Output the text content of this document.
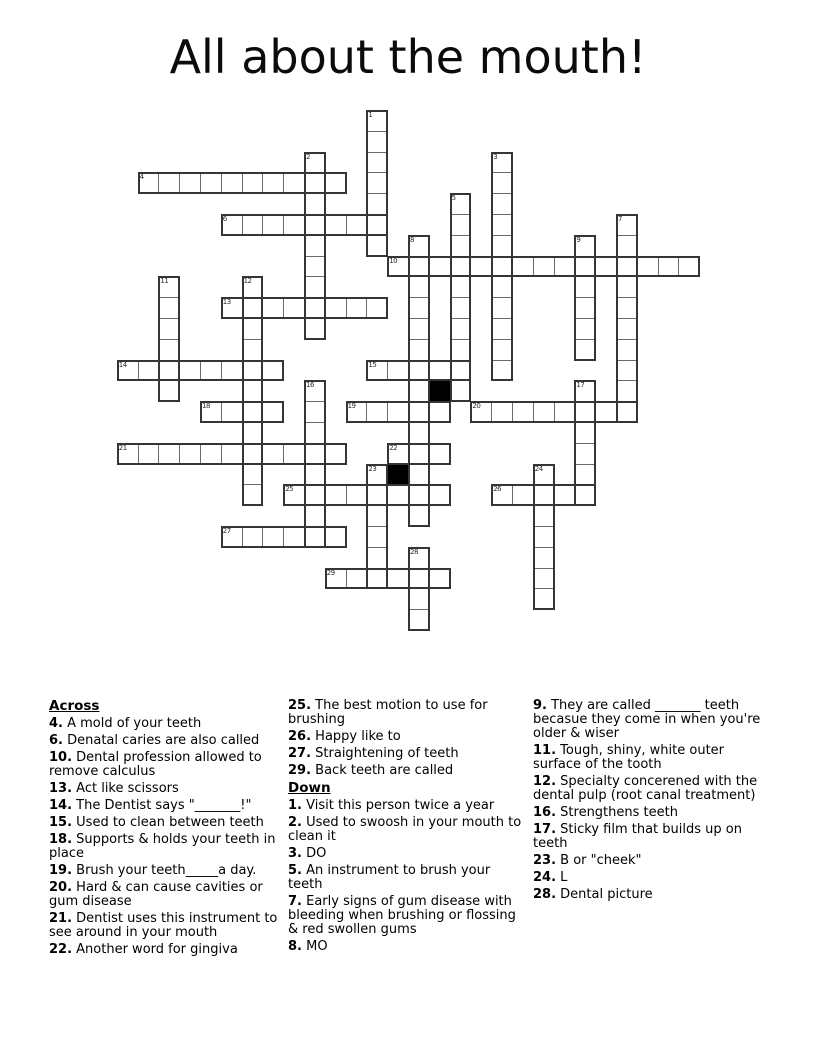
All about the mouth!
1
2	3
4
5
6	7
8	9
10
11	12
13
14	15
16	17
18	19	20
21	22
23	24
25	26
27
28
29
Across
4. A mold of your teeth
6. Denatal caries are also called
10. Dental profession allowed to remove calculus
13. Act like scissors
14. The Dentist says "_______!"
15. Used to clean between teeth
18. Supports & holds your teeth in place
19. Brush your teeth_____a day.
20. Hard & can cause cavities or gum disease
21. Dentist uses this instrument to see around in your mouth
22. Another word for gingiva
25. The best motion to use for brushing
26. Happy like to
27. Straightening of teeth
29. Back teeth are called
Down
1. Visit this person twice a year
2. Used to swoosh in your mouth to clean it
3. DO
5. An instrument to brush your teeth
7. Early signs of gum disease with bleeding when brushing or flossing & red swollen gums
8. MO
9. They are called _______ teeth becasue they come in when you're older & wiser
11. Tough, shiny, white outer surface of the tooth
12. Specialty concerened with the dental pulp (root canal treatment)
16. Strengthens teeth
17. Sticky film that builds up on teeth
23. B or "cheek"
24. L
28. Dental picture
